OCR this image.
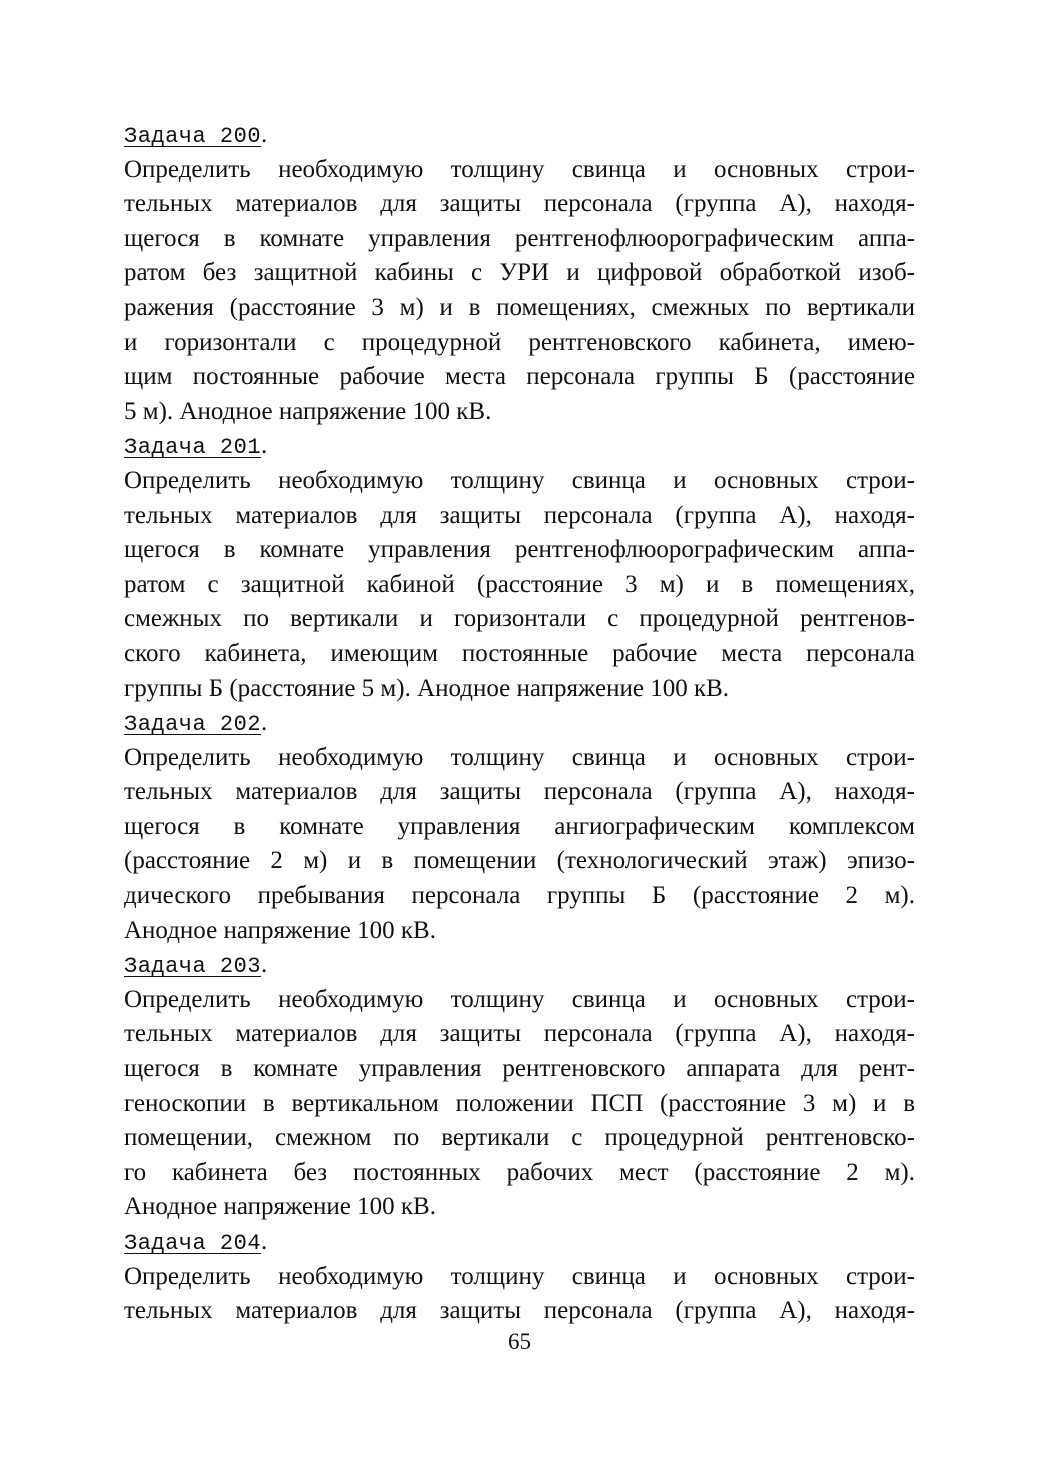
Задача 200.
Определить необходимую толщину свинца и основных строи-
тельных материалов для защиты персонала (группа А), находя-
щегося в комнате управления рентгенофлюорографическим аппа-
ратом без защитной кабины с УРИ и цифровой обработкой изоб-
ражения (расстояние 3 м) и в помещениях, смежных по вертикали
и горизонтали с процедурной рентгеновского кабинета, имею-
щим постоянные рабочие места персонала группы Б (расстояние
5 м). Анодное напряжение 100 кВ.
Задача 201.
Определить необходимую толщину свинца и основных строи-
тельных материалов для защиты персонала (группа А), находя-
щегося в комнате управления рентгенофлюорографическим аппа-
ратом с защитной кабиной (расстояние 3 м) и в помещениях,
смежных по вертикали и горизонтали с процедурной рентгенов-
ского кабинета, имеющим постоянные рабочие места персонала
группы Б (расстояние 5 м). Анодное напряжение 100 кВ.
Задача 202.
Определить необходимую толщину свинца и основных строи-
тельных материалов для защиты персонала (группа А), находя-
щегося в комнате управления ангиографическим комплексом
(расстояние 2 м) и в помещении (технологический этаж) эпизо-
дического пребывания персонала группы Б (расстояние 2 м).
Анодное напряжение 100 кВ.
Задача 203.
Определить необходимую толщину свинца и основных строи-
тельных материалов для защиты персонала (группа А), находя-
щегося в комнате управления рентгеновского аппарата для рент-
геноскопии в вертикальном положении ПСП (расстояние 3 м) и в
помещении, смежном по вертикали с процедурной рентгеновско-
го кабинета без постоянных рабочих мест (расстояние 2 м).
Анодное напряжение 100 кВ.
Задача 204.
Определить необходимую толщину свинца и основных строи-
тельных материалов для защиты персонала (группа А), находя-
65
